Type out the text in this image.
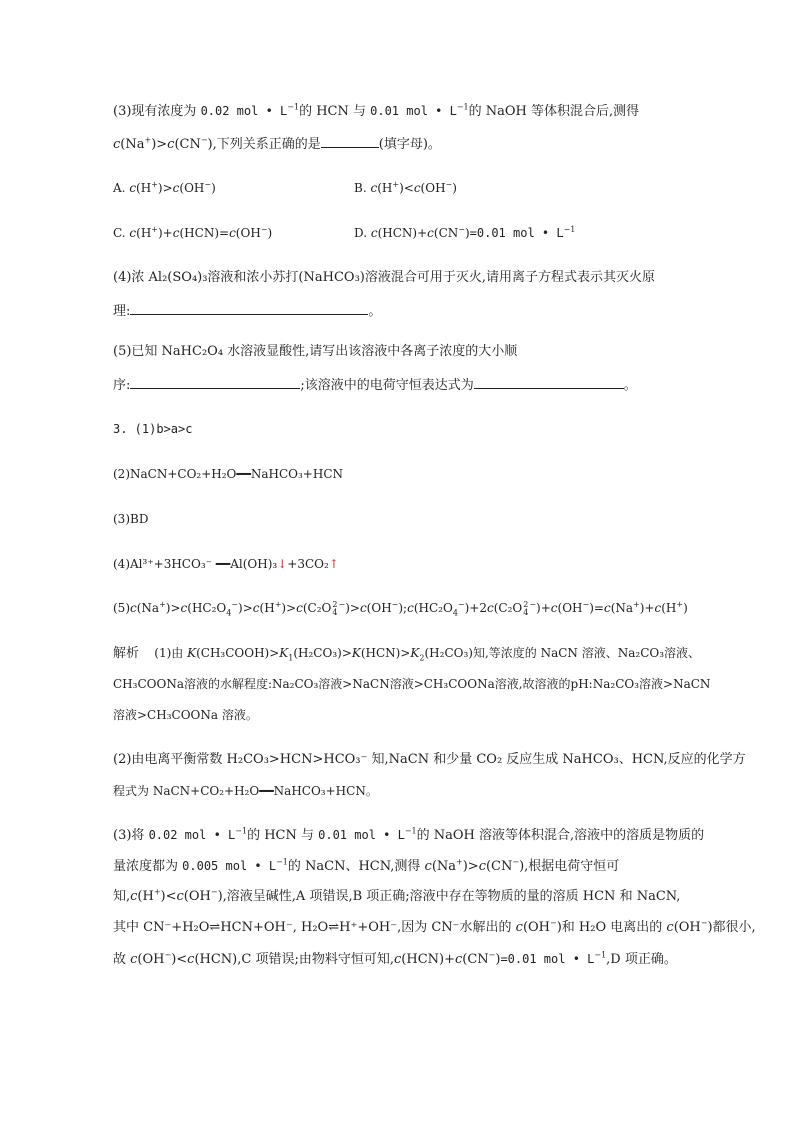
(3)现有浓度为 0.02 mol • $L^{-1}$的 HCN 与 0.01 mol • $L^{-1}$的 NaOH 等体积混合后,测得
c(Na+)>c(CN−),下列关系正确的是	(填字母)。
A. c(H+)>c(OH−)	B. c(H+)<c(OH−)
C. c(H+)+c(HCN)=c(OH−)	D. c(HCN)+c(CN−)=0.01 mol • $L^{-1}$
(4)浓 Al₂(SO₄)₃溶液和浓小苏打(NaHCO₃)溶液混合可用于灭火,请用离子方程式表示其灭火原
理:	。
(5)已知 NaHC₂O₄ 水溶液显酸性,请写出该溶液中各离子浓度的大小顺
序:	;该溶液中的电荷守恒表达式为	。
3. (1)b>a>c
(2)NaCN+CO₂+H₂O━━NaHCO₃+HCN
(3)BD
(4)Al³⁺+3HCO₃⁻ ━━Al(OH)₃↓+3CO₂↑
$(5)c(Na^+)>c(HC_2O_4^-)>c(H^+)>c(C_2O$ 2
4
$^-)>c(OH^-);c(HC_2O_4^-)+2c(C_2O$ 2
4
−)+c(OH−)=c(Na+)+c(H+)
解析 (1)由 $K(CH_3COOH)>K_1(H_2CO_3)>K(HCN)>K_2(H_2CO_3)$知,等浓度的 NaCN 溶液、Na₂CO₃溶液、
CH₃COONa溶液的水解程度:Na₂CO₃溶液>NaCN溶液>CH₃COONa溶液,故溶液的pH:Na₂CO₃溶液>NaCN
溶液>CH₃COONa 溶液。
(2)由电离平衡常数 H₂CO₃>HCN>HCO₃⁻ 知,NaCN 和少量 CO₂ 反应生成 NaHCO₃、HCN,反应的化学方
程式为 NaCN+CO₂+H₂O━━NaHCO₃+HCN。
(3)将 0.02 mol • $L^{-1}$的 HCN 与 0.01 mol • $L^{-1}$的 NaOH 溶液等体积混合,溶液中的溶质是物质的
量浓度都为 0.005 mol • $L^{-1}$的 NaCN、HCN,测得 c(Na+)>c(CN−),根据电荷守恒可
知,c(H+)<c(OH−),溶液呈碱性,A 项错误,B 项正确;溶液中存在等物质的量的溶质 HCN 和 NaCN,
其中 CN⁻+H₂O⇌HCN+OH⁻, H₂O⇌H⁺+OH⁻,因为 CN⁻水解出的 c(OH−)和 H₂O 电离出的 c(OH−)都很小,
故 c(OH−)<c(HCN),C 项错误;由物料守恒可知,c(HCN)+c(CN−)=0.01 mol • $L^{-1},D$ 项正确。
